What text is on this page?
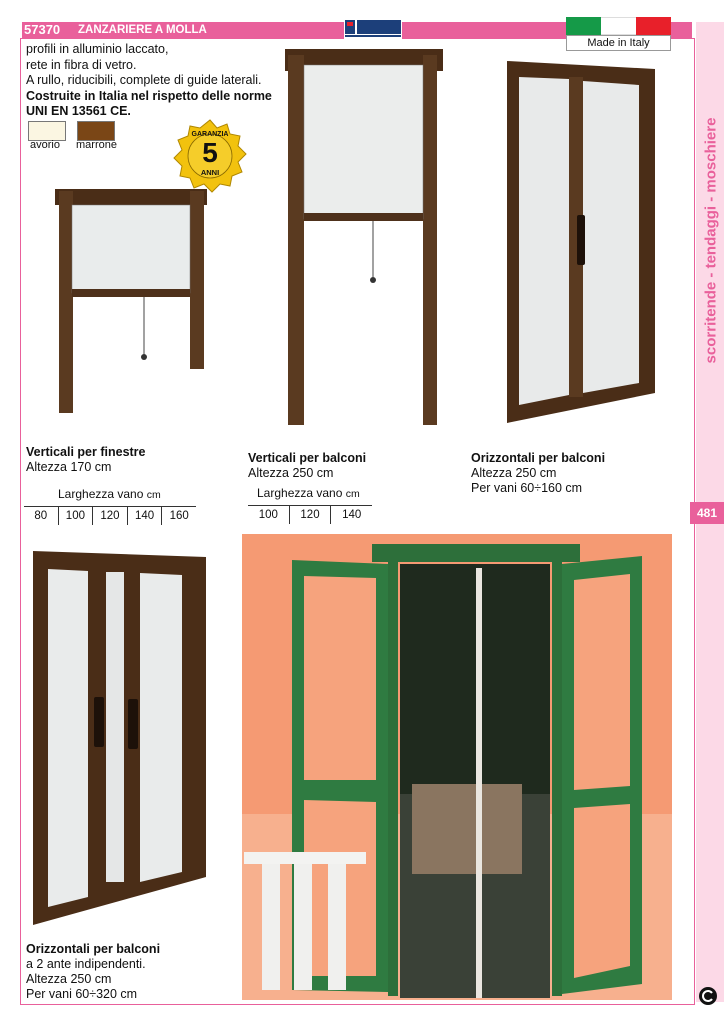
57370	ZANZARIERE A MOLLA
scorritende - tendaggi - moschiere
481
Made in Italy
profili in alluminio laccato,
rete in fibra di vetro.
A rullo, riducibili, complete di guide laterali.
Costruite in Italia nel rispetto delle norme
UNI EN 13561 CE.
avorio marrone
GARANZIA
5
ANNI
Verticali per finestre
Altezza 170 cm
Verticali per balconi
Altezza 250 cm
Orizzontali per balconi
Altezza 250 cm
Per vani 60÷160 cm
Orizzontali per balconi
a 2 ante indipendenti.
Altezza 250 cm
Per vani 60÷320 cm
Larghezza vano cm
80	100	120	140	160
Larghezza vano cm
100	120	140
